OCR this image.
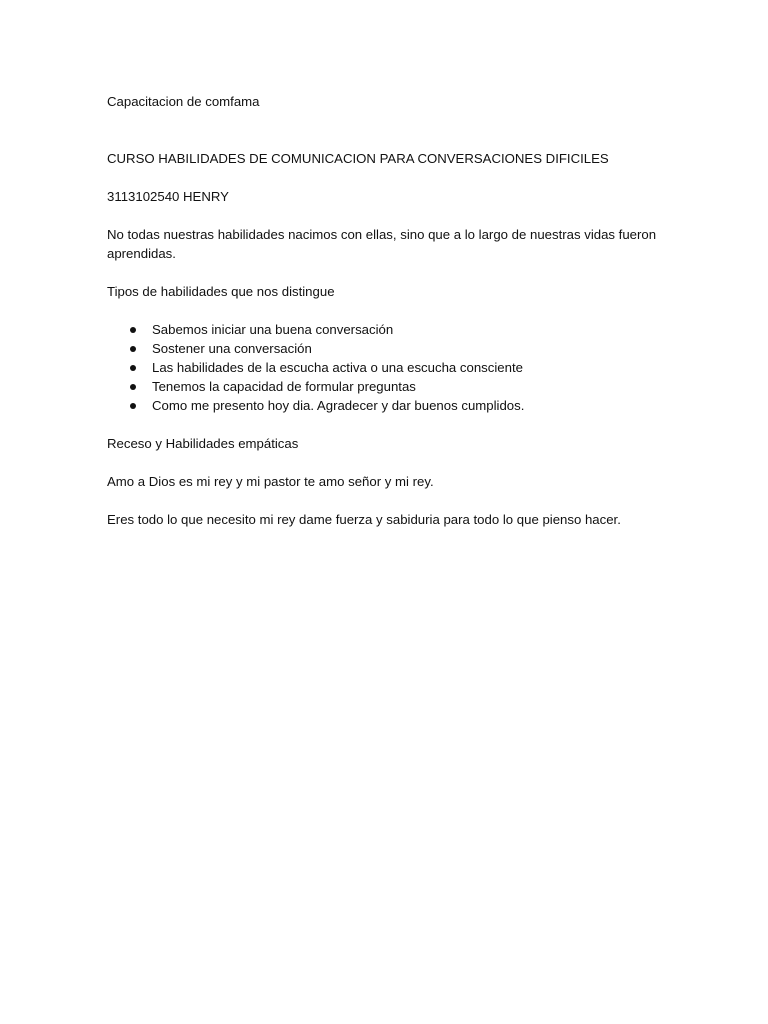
Capacitacion de comfama

CURSO HABILIDADES DE COMUNICACION PARA CONVERSACIONES DIFICILES

3113102540 HENRY

No todas nuestras habilidades nacimos con ellas, sino que a lo largo de nuestras vidas fueron aprendidas.

Tipos de habilidades que nos distingue

Sabemos iniciar una buena conversación
Sostener una conversación
Las habilidades de la escucha activa o una escucha consciente
Tenemos la capacidad de formular preguntas
Como me presento hoy dia. Agradecer y dar buenos cumplidos.

Receso y Habilidades empáticas

Amo a Dios es mi rey y mi pastor te amo señor y mi rey.

Eres todo lo que necesito mi rey dame fuerza y sabiduria para todo lo que pienso hacer.
